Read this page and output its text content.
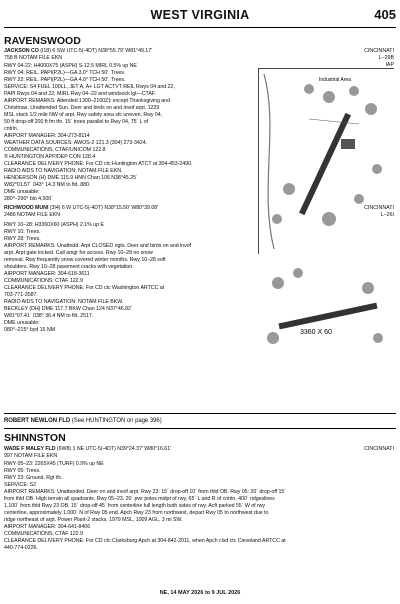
WEST VIRGINIA	405
RAVENSWOOD
JACKSON CO (I18) 6 SW UTC-5(-4DT) N38°55.79' W81°49.17'
758 B NOTAM FILE EKN
CINCINNATI
L–29B
IAP
RWY 04-22: H4000X75 (ASPH) S-12.5 MIRL 0.5% up NE
RWY 04: REIL. PAPI(P2L)—GA 3.0° TCH 50'. Trees.
RWY 22: REIL. PAPI(P2L)—GA 4.0° TCH 50'. Trees.
SERVICE: S4 FUEL 100LL, JET A, A+ LGT ACTVT REIL Rwys 04 and 22,
PAPI Rwys 04 and 22; MIRL Rwy 04–22 and windsock lgt—CTAF.
AIRPORT REMARKS: Attended 1300–2100Z‡ except Thanksgiving and
Christmas. Unattended Sun. Deer and birds on and invof arpt. 1229
MSL stack 1/2 mile NW of arpt. Rwy safety area sfc uneven. Rwy 04,
50 ft drop-off 200 ft fm thr. 15´ trees parallel to Rwy 04, 75´ L of
cntrln.
AIRPORT MANAGER: 304-273-8114
WEATHER DATA SOURCES: AWOS-2 121.3 (304) 273-3424.
COMMUNICATIONS: CTAF/UNICOM 122.8
® HUNTINGTON APP/DEP CON 128.4
CLEARANCE DELIVERY PHONE: For CD ctc Huntington ATCT at 304-453-2490.
RADIO AIDS TO NAVIGATION: NOTAM FILE EKN.
HENDERSON (H) DME 115.9 HNN Chan 106 N38°45.25´
W82°01.57´ 043° 14.3 NM to fld. 880.
DME unusable:
280°–290° blo 4,500´
Industrial Area
RICHWOOD MUNI (3I4) 6 W UTC-5(-4DT) N38°15.50' W80°39.08'
2486 NOTAM FILE EKN
CINCINNATI
L–26I
RWY 10–28: H3360X60 (ASPH) 2.1% up E
RWY 10: Trees.
RWY 28: Trees.
AIRPORT REMARKS: Unattndd. Arpt CLOSED ngts. Deer and birds on and invof
arpt. Arpt gate locked. Call amgr for access. Rwy 10–28 no snow
removal. Rwy frequently snow covered winter months. Rwy 10–28 soft
shoulders. Rwy 10–28 pavement cracks with vegetation.
AIRPORT MANAGER: 304-618-3611
COMMUNICATIONS: CTAF 122.9
CLEARANCE DELIVERY PHONE: For CD ctc Washington ARTCC at
703-771-3587.
RADIO AIDS TO NAVIGATION: NOTAM FILE BKW.
BECKLEY (DH) DME 117.7 BKW Chan 124 N37°46.82´
W81°07.41´ 038° 36.4 NM to fld. 2517.
DME unusable:
080°–215° byd 15 NM	3360 X 60
ROBERT NEWLON FLD (See HUNTINGTON on page 396)
SHINNSTON
WADE F MALEY FLD (6W8) 1 NE UTC-5(-4DT) N39°24.37' W80°16.61'
997 NOTAM FILE EKN
CINCINNATI
RWY 05–23: 2265X45 (TURF) 0.9% up NE
RWY 05: Trees.
RWY 23: Ground. Rgt tfc.
SERVICE: S2
AIRPORT REMARKS: Unattended. Deer on and invof arpt. Rwy 23: 15´ drop-off 10´ from thld OB. Rwy 05: 20´ drop-off 15´
from thld OB. High terrain all quadrants. Rwy 05–23, 20´ pwr poles midpt of rwy, 65´ L and R of cntrln. 400´ ridgeslines
1,100´ from thld Rwy 23 OB. 15´ drop-off 45´ from centerline full length both sides of rwy. Acft parked 55´ W of rwy
centerline, approximately 1,000´ N of Rwy 05 end. Apch Rwy 23 from northwest, depart Rwy 05 to northwest due to
ridge northeast of arpt. Power Plant-2 stacks, 1979 MSL, 1009 AGL, 3 mi SW.
AIRPORT MANAGER: 304-641-8406
COMMUNICATIONS: CTAF 122.9
CLEARANCE DELIVERY PHONE: For CD ctc Clarksburg Apch at 304-842-2011, when Apch clsd ctc Cleveland ARTCC at
440-774-0226.
NE, 14 MAY 2026 to 9 JUL 2026
